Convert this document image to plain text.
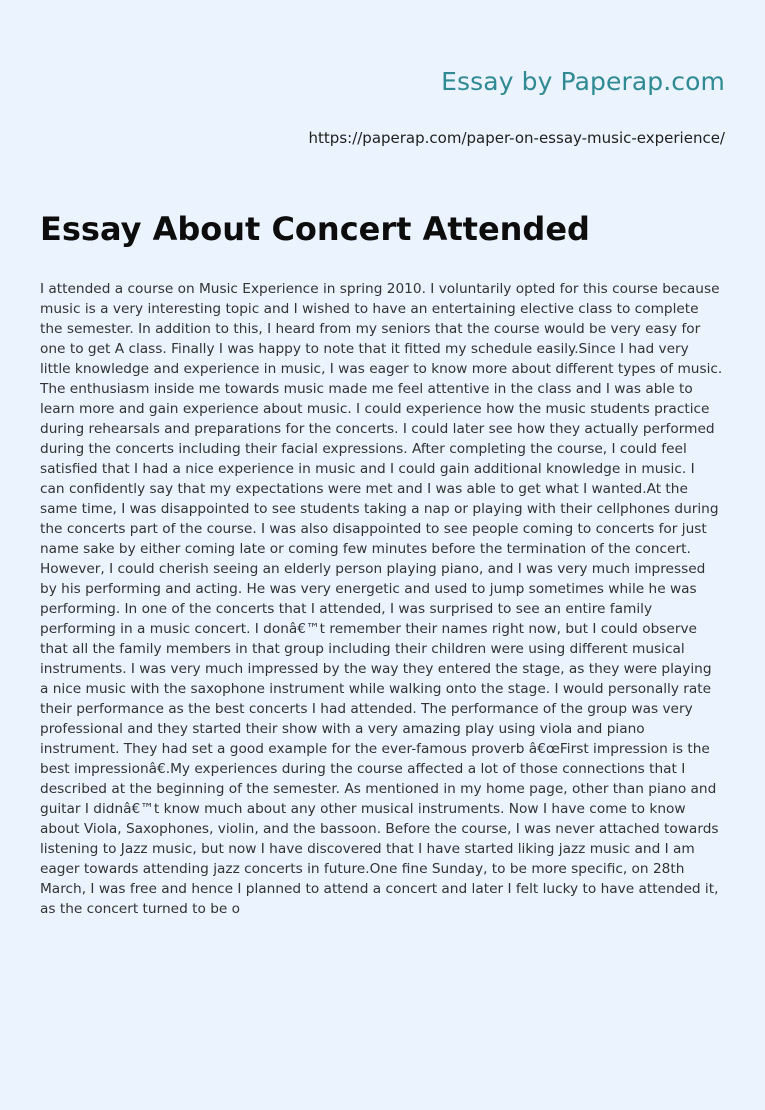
Essay by Paperap.com
https://paperap.com/paper-on-essay-music-experience/
Essay About Concert Attended

I attended a course on Music Experience in spring 2010. I voluntarily opted for this course because music is a very interesting topic and I wished to have an entertaining elective class to complete the semester. In addition to this, I heard from my seniors that the course would be very easy for one to get A class. Finally I was happy to note that it fitted my schedule easily.Since I had very little knowledge and experience in music, I was eager to know more about different types of music. The enthusiasm inside me towards music made me feel attentive in the class and I was able to learn more and gain experience about music. I could experience how the music students practice during rehearsals and preparations for the concerts. I could later see how they actually performed during the concerts including their facial expressions. After completing the course, I could feel satisfied that I had a nice experience in music and I could gain additional knowledge in music. I can confidently say that my expectations were met and I was able to get what I wanted.At the same time, I was disappointed to see students taking a nap or playing with their cellphones during the concerts part of the course. I was also disappointed to see people coming to concerts for just name sake by either coming late or coming few minutes before the termination of the concert. However, I could cherish seeing an elderly person playing piano, and I was very much impressed by his performing and acting. He was very energetic and used to jump sometimes while he was performing. In one of the concerts that I attended, I was surprised to see an entire family performing in a music concert. I donâ€™t remember their names right now, but I could observe that all the family members in that group including their children were using different musical instruments. I was very much impressed by the way they entered the stage, as they were playing a nice music with the saxophone instrument while walking onto the stage. I would personally rate their performance as the best concerts I had attended. The performance of the group was very professional and they started their show with a very amazing play using viola and piano instrument. They had set a good example for the ever-famous proverb â€œFirst impression is the best impressionâ€.My experiences during the course affected a lot of those connections that I described at the beginning of the semester. As mentioned in my home page, other than piano and guitar I didnâ€™t know much about any other musical instruments. Now I have come to know about Viola, Saxophones, violin, and the bassoon. Before the course, I was never attached towards listening to Jazz music, but now I have discovered that I have started liking jazz music and I am eager towards attending jazz concerts in future.One fine Sunday, to be more specific, on 28th March, I was free and hence I planned to attend a concert and later I felt lucky to have attended it, as the concert turned to be o
